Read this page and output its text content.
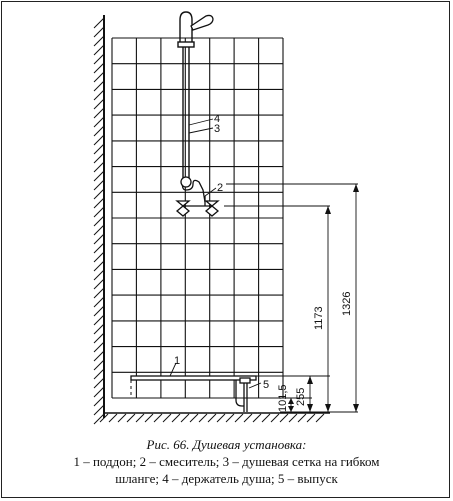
4
3
2
1
5
1326
1173
255
101,5
Рис. 66. Душевая установка:
1 – поддон; 2 – смеситель; 3 – душевая сетка на гибком
шланге; 4 – держатель душа; 5 – выпуск
